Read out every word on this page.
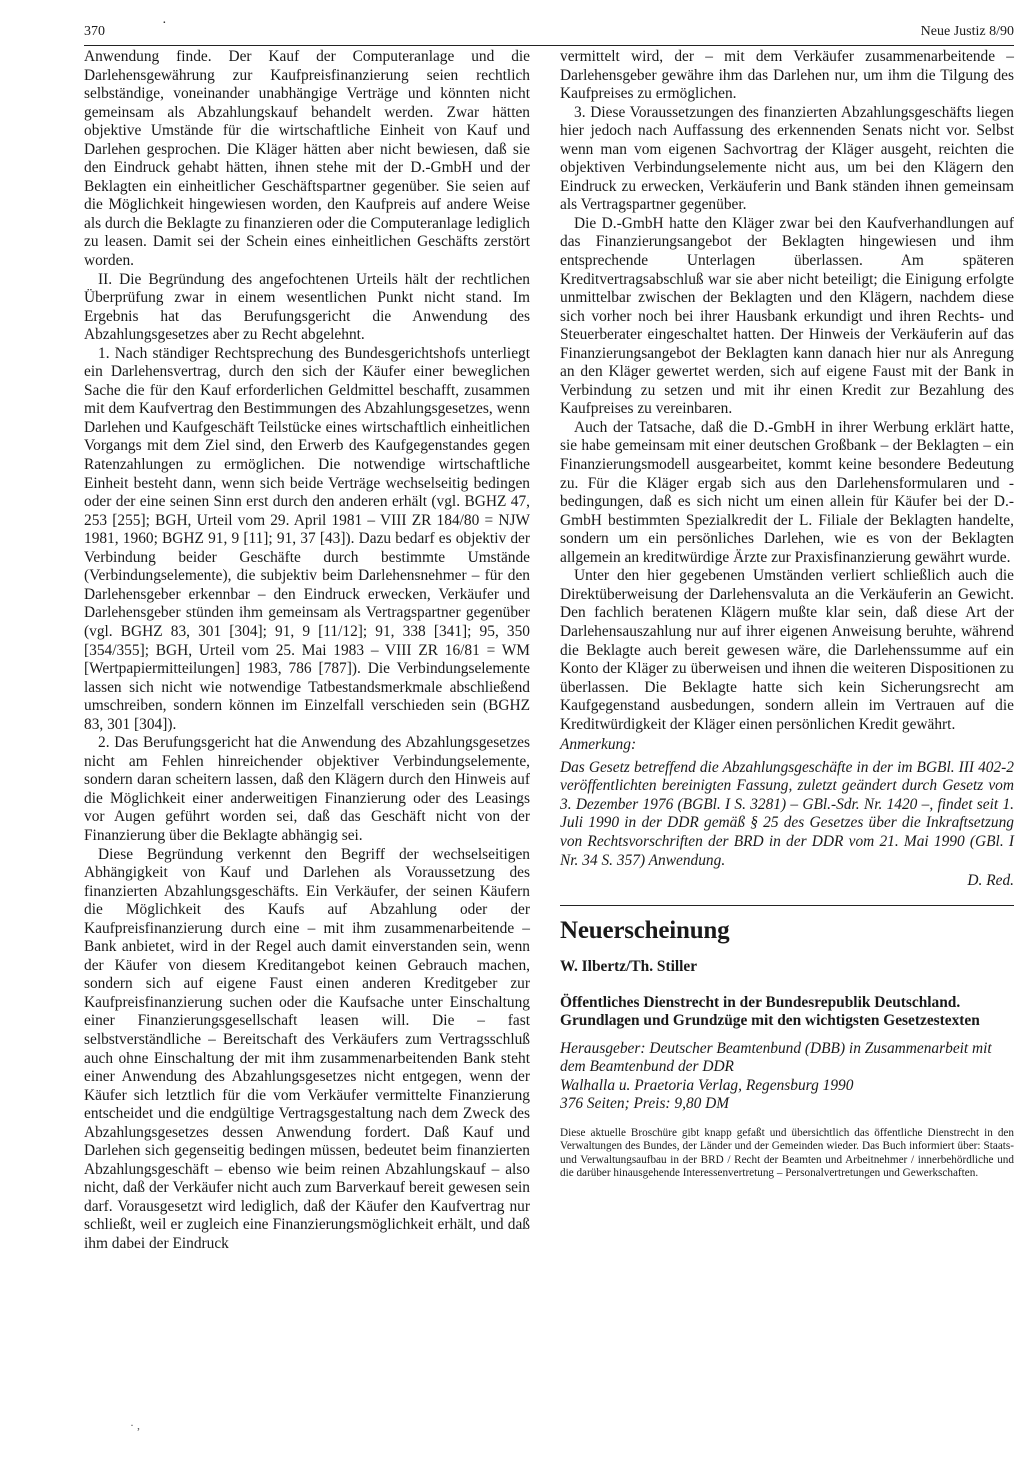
370
·
Neue Justiz 8/90

Anwendung finde. Der Kauf der Computeranlage und die Darlehensgewährung zur Kaufpreisfinanzierung seien rechtlich selbständige, voneinander unabhängige Verträge und könnten nicht gemeinsam als Abzahlungskauf behandelt werden. Zwar hätten objektive Umstände für die wirtschaftliche Einheit von Kauf und Darlehen gesprochen. Die Kläger hätten aber nicht bewiesen, daß sie den Eindruck gehabt hätten, ihnen stehe mit der D.-GmbH und der Beklagten ein einheitlicher Geschäftspartner gegenüber. Sie seien auf die Möglichkeit hingewiesen worden, den Kaufpreis auf andere Weise als durch die Beklagte zu finanzieren oder die Computeranlage lediglich zu leasen. Damit sei der Schein eines einheitlichen Geschäfts zerstört worden.

II. Die Begründung des angefochtenen Urteils hält der rechtlichen Überprüfung zwar in einem wesentlichen Punkt nicht stand. Im Ergebnis hat das Berufungsgericht die Anwendung des Abzahlungsgesetzes aber zu Recht abgelehnt.

1. Nach ständiger Rechtsprechung des Bundesgerichtshofs unterliegt ein Darlehensvertrag, durch den sich der Käufer einer beweglichen Sache die für den Kauf erforderlichen Geldmittel beschafft, zusammen mit dem Kaufvertrag den Bestimmungen des Abzahlungsgesetzes, wenn Darlehen und Kaufgeschäft Teilstücke eines wirtschaftlich einheitlichen Vorgangs mit dem Ziel sind, den Erwerb des Kaufgegenstandes gegen Ratenzahlungen zu ermöglichen. Die notwendige wirtschaftliche Einheit besteht dann, wenn sich beide Verträge wechselseitig bedingen oder der eine seinen Sinn erst durch den anderen erhält (vgl. BGHZ 47, 253 [255]; BGH, Urteil vom 29. April 1981 – VIII ZR 184/80 = NJW 1981, 1960; BGHZ 91, 9 [11]; 91, 37 [43]). Dazu bedarf es objektiv der Verbindung beider Geschäfte durch bestimmte Umstände (Verbindungselemente), die subjektiv beim Darlehensnehmer – für den Darlehensgeber erkennbar – den Eindruck erwecken, Verkäufer und Darlehensgeber stünden ihm gemeinsam als Vertragspartner gegenüber (vgl. BGHZ 83, 301 [304]; 91, 9 [11/12]; 91, 338 [341]; 95, 350 [354/355]; BGH, Urteil vom 25. Mai 1983 – VIII ZR 16/81 = WM [Wertpapiermitteilungen] 1983, 786 [787]). Die Verbindungselemente lassen sich nicht wie notwendige Tatbestandsmerkmale abschließend umschreiben, sondern können im Einzelfall verschieden sein (BGHZ 83, 301 [304]).

2. Das Berufungsgericht hat die Anwendung des Abzahlungsgesetzes nicht am Fehlen hinreichender objektiver Verbindungselemente, sondern daran scheitern lassen, daß den Klägern durch den Hinweis auf die Möglichkeit einer anderweitigen Finanzierung oder des Leasings vor Augen geführt worden sei, daß das Geschäft nicht von der Finanzierung über die Beklagte abhängig sei.

Diese Begründung verkennt den Begriff der wechselseitigen Abhängigkeit von Kauf und Darlehen als Voraussetzung des finanzierten Abzahlungsgeschäfts. Ein Verkäufer, der seinen Käufern die Möglichkeit des Kaufs auf Abzahlung oder der Kaufpreisfinanzierung durch eine – mit ihm zusammenarbeitende – Bank anbietet, wird in der Regel auch damit einverstanden sein, wenn der Käufer von diesem Kreditangebot keinen Gebrauch machen, sondern sich auf eigene Faust einen anderen Kreditgeber zur Kaufpreisfinanzierung suchen oder die Kaufsache unter Einschaltung einer Finanzierungsgesellschaft leasen will. Die – fast selbstverständliche – Bereitschaft des Verkäufers zum Vertragsschluß auch ohne Einschaltung der mit ihm zusammenarbeitenden Bank steht einer Anwendung des Abzahlungsgesetzes nicht entgegen, wenn der Käufer sich letztlich für die vom Verkäufer vermittelte Finanzierung entscheidet und die endgültige Vertragsgestaltung nach dem Zweck des Abzahlungsgesetzes dessen Anwendung fordert. Daß Kauf und Darlehen sich gegenseitig bedingen müssen, bedeutet beim finanzierten Abzahlungsgeschäft – ebenso wie beim reinen Abzahlungskauf – also nicht, daß der Verkäufer nicht auch zum Barverkauf bereit gewesen sein darf. Vorausgesetzt wird lediglich, daß der Käufer den Kaufvertrag nur schließt, weil er zugleich eine Finanzierungsmöglichkeit erhält, und daß ihm dabei der Eindruck

vermittelt wird, der – mit dem Verkäufer zusammenarbeitende – Darlehensgeber gewähre ihm das Darlehen nur, um ihm die Tilgung des Kaufpreises zu ermöglichen.

3. Diese Voraussetzungen des finanzierten Abzahlungsgeschäfts liegen hier jedoch nach Auffassung des erkennenden Senats nicht vor. Selbst wenn man vom eigenen Sachvortrag der Kläger ausgeht, reichten die objektiven Verbindungselemente nicht aus, um bei den Klägern den Eindruck zu erwecken, Verkäuferin und Bank ständen ihnen gemeinsam als Vertragspartner gegenüber.

Die D.-GmbH hatte den Kläger zwar bei den Kaufverhandlungen auf das Finanzierungsangebot der Beklagten hingewiesen und ihm entsprechende Unterlagen überlassen. Am späteren Kreditvertragsabschluß war sie aber nicht beteiligt; die Einigung erfolgte unmittelbar zwischen der Beklagten und den Klägern, nachdem diese sich vorher noch bei ihrer Hausbank erkundigt und ihren Rechts- und Steuerberater eingeschaltet hatten. Der Hinweis der Verkäuferin auf das Finanzierungsangebot der Beklagten kann danach hier nur als Anregung an den Kläger gewertet werden, sich auf eigene Faust mit der Bank in Verbindung zu setzen und mit ihr einen Kredit zur Bezahlung des Kaufpreises zu vereinbaren.

Auch der Tatsache, daß die D.-GmbH in ihrer Werbung erklärt hatte, sie habe gemeinsam mit einer deutschen Großbank – der Beklagten – ein Finanzierungsmodell ausgearbeitet, kommt keine besondere Bedeutung zu. Für die Kläger ergab sich aus den Darlehensformularen und -bedingungen, daß es sich nicht um einen allein für Käufer bei der D.-GmbH bestimmten Spezialkredit der L. Filiale der Beklagten handelte, sondern um ein persönliches Darlehen, wie es von der Beklagten allgemein an kreditwürdige Ärzte zur Praxisfinanzierung gewährt wurde.

Unter den hier gegebenen Umständen verliert schließlich auch die Direktüberweisung der Darlehensvaluta an die Verkäuferin an Gewicht. Den fachlich beratenen Klägern mußte klar sein, daß diese Art der Darlehensauszahlung nur auf ihrer eigenen Anweisung beruhte, während die Beklagte auch bereit gewesen wäre, die Darlehenssumme auf ein Konto der Kläger zu überweisen und ihnen die weiteren Dispositionen zu überlassen. Die Beklagte hatte sich kein Sicherungsrecht am Kaufgegenstand ausbedungen, sondern allein im Vertrauen auf die Kreditwürdigkeit der Kläger einen persönlichen Kredit gewährt.

Anmerkung:

Das Gesetz betreffend die Abzahlungsgeschäfte in der im BGBl. III 402-2 veröffentlichten bereinigten Fassung, zuletzt geändert durch Gesetz vom 3. Dezember 1976 (BGBl. I S. 3281) – GBl.-Sdr. Nr. 1420 –, findet seit 1. Juli 1990 in der DDR gemäß § 25 des Gesetzes über die Inkraftsetzung von Rechtsvorschriften der BRD in der DDR vom 21. Mai 1990 (GBl. I Nr. 34 S. 357) Anwendung.

D. Red.

Neuerscheinung
W. Ilbertz/Th. Stiller
Öffentliches Dienstrecht in der Bundesrepublik Deutschland. Grundlagen und Grundzüge mit den wichtigsten Gesetzestexten
Herausgeber: Deutscher Beamtenbund (DBB) in Zusammenarbeit mit dem Beamtenbund der DDR
Walhalla u. Praetoria Verlag, Regensburg 1990
376 Seiten; Preis: 9,80 DM
Diese aktuelle Broschüre gibt knapp gefaßt und übersichtlich das öffentliche Dienstrecht in den Verwaltungen des Bundes, der Länder und der Gemeinden wieder. Das Buch informiert über: Staats- und Verwaltungsaufbau in der BRD / Recht der Beamten und Arbeitnehmer / innerbehördliche und die darüber hinausgehende Interessenvertretung – Personalvertretungen und Gewerkschaften.
· ,
